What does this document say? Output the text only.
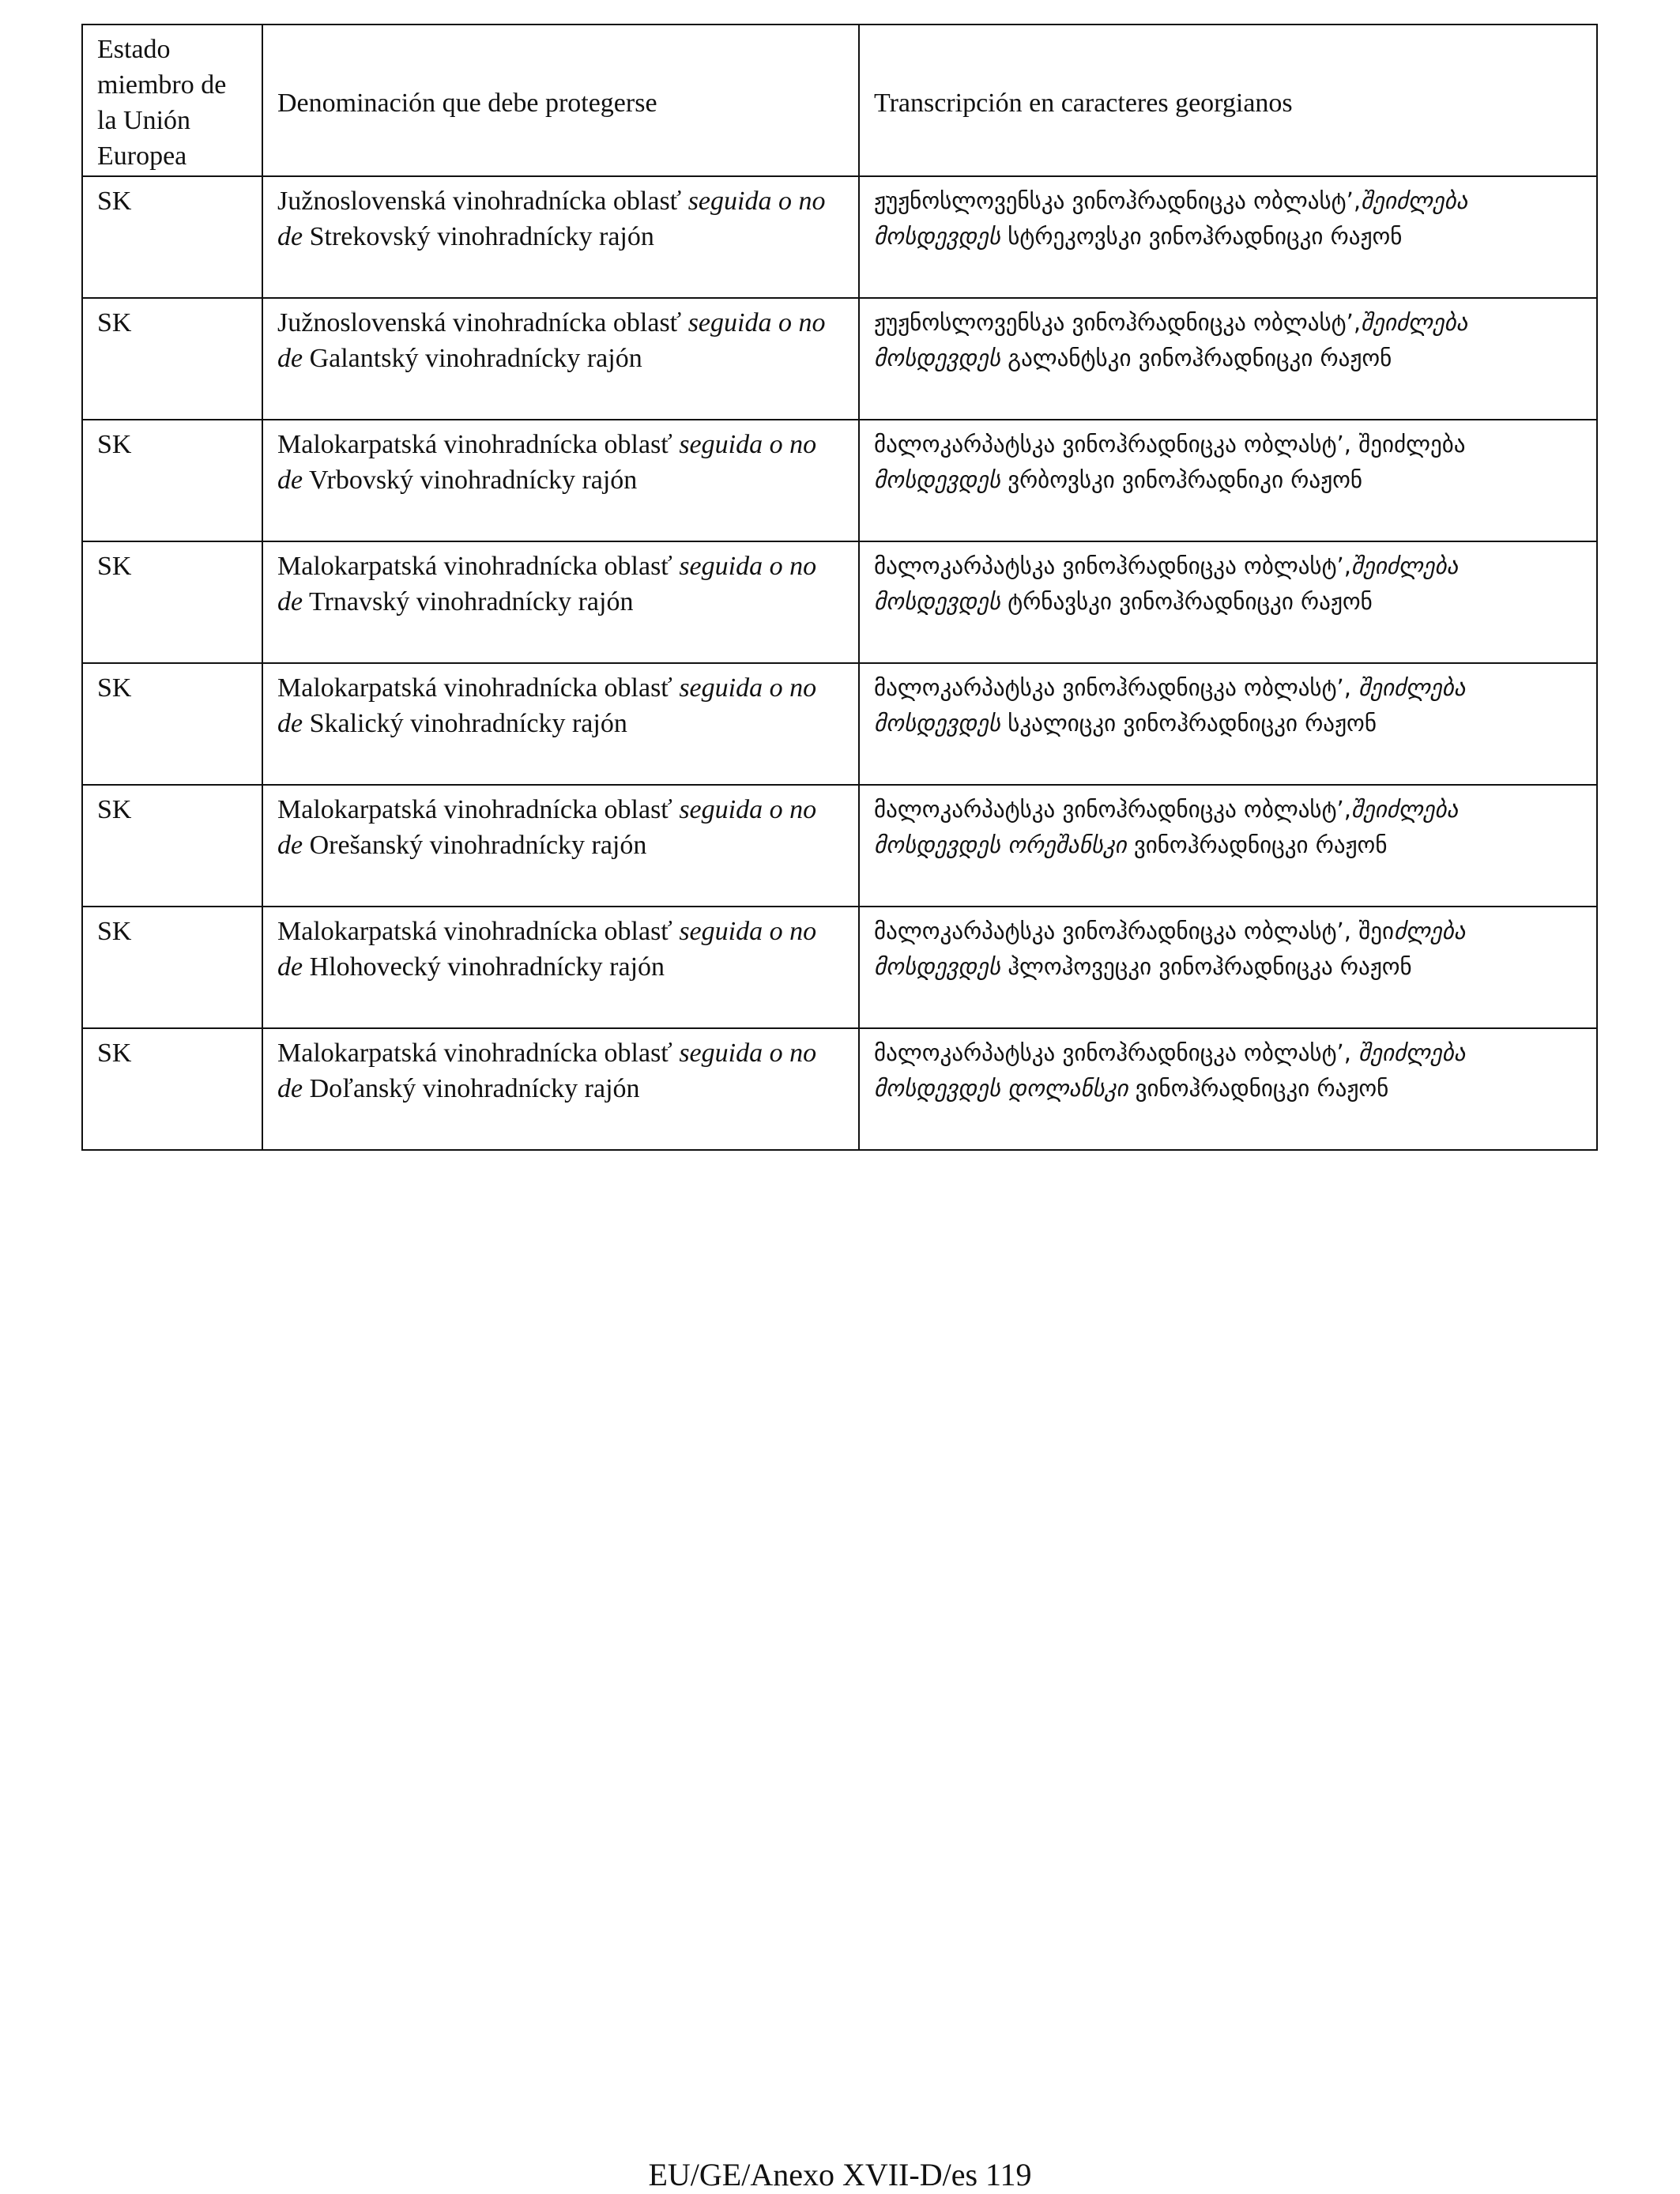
Estado miembro de la Unión Europea	Denominación que debe protegerse	Transcripción en caracteres georgianos
SK	Južnoslovenská vinohradnícka oblasť seguida o no de Strekovský vinohradnícky rajón	ჟუჟნოსლოვენსკა ვინოჰრადნიცკა ობლასტ’,შეიძლება მოსდევდეს სტრეკოვსკი ვინოჰრადნიცკი რაჟონ
SK	Južnoslovenská vinohradnícka oblasť seguida o no de Galantský vinohradnícky rajón	ჟუჟნოსლოვენსკა ვინოჰრადნიცკა ობლასტ’,შეიძლება მოსდევდეს გალანტსკი ვინოჰრადნიცკი რაჟონ
SK	Malokarpatská vinohradnícka oblasť seguida o no de Vrbovský vinohradnícky rajón	მალოკარპატსკა ვინოჰრადნიცკა ობლასტ’, შეიძლება მოსდევდეს ვრბოვსკი ვინოჰრადნიკი რაჟონ
SK	Malokarpatská vinohradnícka oblasť seguida o no de Trnavský vinohradnícky rajón	მალოკარპატსკა ვინოჰრადნიცკა ობლასტ’,შეიძლება მოსდევდეს ტრნავსკი ვინოჰრადნიცკი რაჟონ
SK	Malokarpatská vinohradnícka oblasť seguida o no de Skalický vinohradnícky rajón	მალოკარპატსკა ვინოჰრადნიცკა ობლასტ’, შეიძლება მოსდევდეს სკალიცკი ვინოჰრადნიცკი რაჟონ
SK	Malokarpatská vinohradnícka oblasť seguida o no de Orešanský vinohradnícky rajón	მალოკარპატსკა ვინოჰრადნიცკა ობლასტ’,შეიძლება მოსდევდეს ორეშანსკი ვინოჰრადნიცკი რაჟონ
SK	Malokarpatská vinohradnícka oblasť seguida o no de Hlohovecký vinohradnícky rajón	მალოკარპატსკა ვინოჰრადნიცკა ობლასტ’, შეიძლება მოსდევდეს ჰლოჰოვეცკი ვინოჰრადნიცკა რაჟონ
SK	Malokarpatská vinohradnícka oblasť seguida o no de Doľanský vinohradnícky rajón	მალოკარპატსკა ვინოჰრადნიცკა ობლასტ’, შეიძლება მოსდევდეს დოლანსკი ვინოჰრადნიცკი რაჟონ
EU/GE/Anexo XVII-D/es 119
